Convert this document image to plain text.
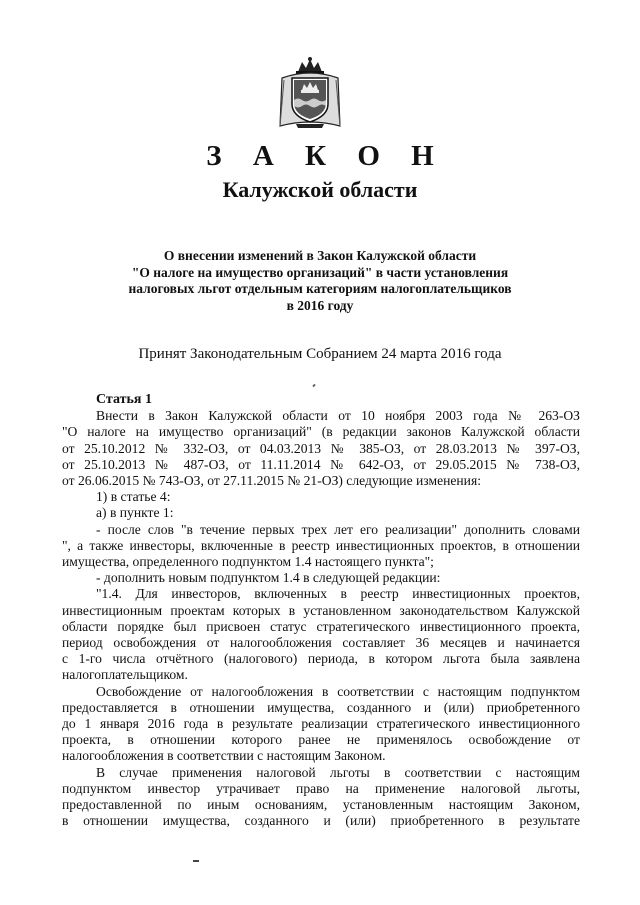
З А К О Н
Калужской области
О внесении изменений в Закон Калужской области
"О налоге на имущество организаций" в части установления
налоговых льгот отдельным категориям налогоплательщиков
в 2016 году
Принят Законодательным Собранием 24 марта 2016 года
Статья 1
Внести в Закон Калужской области от 10 ноября 2003 года № 263-ОЗ
"О налоге на имущество организаций" (в редакции законов Калужской области
от 25.10.2012 № 332-ОЗ, от 04.03.2013 № 385-ОЗ, от 28.03.2013 № 397-ОЗ,
от 25.10.2013 № 487-ОЗ, от 11.11.2014 № 642-ОЗ, от 29.05.2015 № 738-ОЗ,
от 26.06.2015 № 743-ОЗ, от 27.11.2015 № 21-ОЗ) следующие изменения:
1) в статье 4:
а) в пункте 1:
- после слов "в течение первых трех лет его реализации" дополнить словами
", а также инвесторы, включенные в реестр инвестиционных проектов, в отношении
имущества, определенного подпунктом 1.4 настоящего пункта";
- дополнить новым подпунктом 1.4 в следующей редакции:
"1.4. Для инвесторов, включенных в реестр инвестиционных проектов,
инвестиционным проектам которых в установленном законодательством Калужской
области порядке был присвоен статус стратегического инвестиционного проекта,
период освобождения от налогообложения составляет 36 месяцев и начинается
с 1-го числа отчётного (налогового) периода, в котором льгота была заявлена
налогоплательщиком.
Освобождение от налогообложения в соответствии с настоящим подпунктом
предоставляется в отношении имущества, созданного и (или) приобретенного
до 1 января 2016 года в результате реализации стратегического инвестиционного
проекта, в отношении которого ранее не применялось освобождение от
налогообложения в соответствии с настоящим Законом.
В случае применения налоговой льготы в соответствии с настоящим
подпунктом инвестор утрачивает право на применение налоговой льготы,
предоставленной по иным основаниям, установленным настоящим Законом,
в отношении имущества, созданного и (или) приобретенного в результате
